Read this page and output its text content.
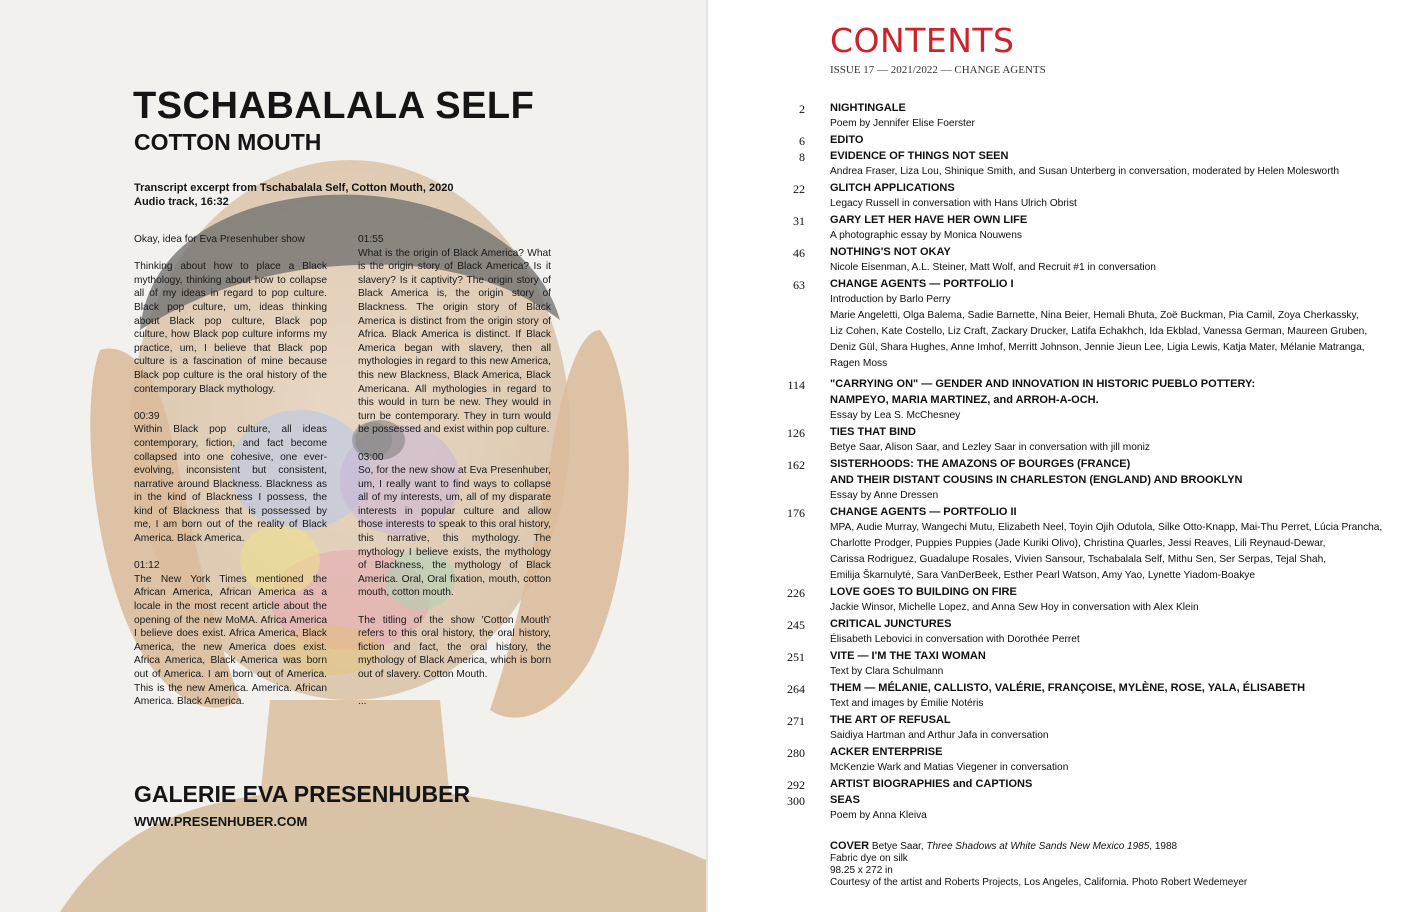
TSCHABALALA SELF
COTTON MOUTH
Transcript excerpt from Tschabalala Self, Cotton Mouth, 2020
Audio track, 16:32

Okay, idea for Eva Presenhuber show

Thinking about how to place a Black mythology, thinking about how to collapse all of my ideas in regard to pop culture. Black pop culture, um, ideas thinking about Black pop culture, Black pop culture, how Black pop culture informs my practice, um, I believe that Black pop culture is a fascination of mine because Black pop culture is the oral history of the contemporary Black mythology.

00:39
Within Black pop culture, all ideas contemporary, fiction, and fact become collapsed into one cohesive, one ever-evolving, inconsistent but consistent, narrative around Blackness. Blackness as in the kind of Blackness I possess, the kind of Blackness that is possessed by me, I am born out of the reality of Black America. Black America.

01:12
The New York Times mentioned the African America, African America as a locale in the most recent article about the opening of the new MoMA. Africa America I believe does exist. Africa America, Black America, the new America does exist. Africa America, Black America was born out of America. I am born out of America. This is the new America. America. African America. Black America.

01:55
What is the origin of Black America? What is the origin story of Black America? Is it slavery? Is it captivity? The origin story of Black America is, the origin story of Blackness. The origin story of Black America is distinct from the origin story of Africa. Black America is distinct. If Black America began with slavery, then all mythologies in regard to this new America, this new Blackness, Black America, Black Americana. All mythologies in regard to this would in turn be new. They would in turn be contemporary. They in turn would be possessed and exist within pop culture.

03:00
So, for the new show at Eva Presenhuber, um, I really want to find ways to collapse all of my interests, um, all of my disparate interests in popular culture and allow those interests to speak to this oral history, this narrative, this mythology. The mythology I believe exists, the mythology of Blackness, the mythology of Black America. Oral, Oral fixation, mouth, cotton mouth, cotton mouth.

The titling of the show 'Cotton Mouth' refers to this oral history, the oral history, fiction and fact, the oral history, the mythology of Black America, which is born out of slavery. Cotton Mouth.

...

GALERIE EVA PRESENHUBER
WWW.PRESENHUBER.COM
CONTENTS
ISSUE 17 — 2021/2022 — CHANGE AGENTS
2 NIGHTINGALE
Poem by Jennifer Elise Foerster
6 EDITO
8 EVIDENCE OF THINGS NOT SEEN
Andrea Fraser, Liza Lou, Shinique Smith, and Susan Unterberg in conversation, moderated by Helen Molesworth
22 GLITCH APPLICATIONS
Legacy Russell in conversation with Hans Ulrich Obrist
31 GARY LET HER HAVE HER OWN LIFE
A photographic essay by Monica Nouwens
46 NOTHING'S NOT OKAY
Nicole Eisenman, A.L. Steiner, Matt Wolf, and Recruit #1 in conversation
63 CHANGE AGENTS — PORTFOLIO I
Introduction by Barlo Perry
Marie Angeletti, Olga Balema, Sadie Barnette, Nina Beier, Hemali Bhuta, Zoë Buckman, Pia Camil, Zoya Cherkassky,
Liz Cohen, Kate Costello, Liz Craft, Zackary Drucker, Latifa Echakhch, Ida Ekblad, Vanessa German, Maureen Gruben,
Deniz Gül, Shara Hughes, Anne Imhof, Merritt Johnson, Jennie Jieun Lee, Ligia Lewis, Katja Mater, Mélanie Matranga,
Ragen Moss
114 "CARRYING ON" — GENDER AND INNOVATION IN HISTORIC PUEBLO POTTERY:
NAMPEYO, MARIA MARTINEZ, and ARROH-A-OCH.
Essay by Lea S. McChesney
126 TIES THAT BIND
Betye Saar, Alison Saar, and Lezley Saar in conversation with jill moniz
162 SISTERHOODS: THE AMAZONS OF BOURGES (FRANCE)
AND THEIR DISTANT COUSINS IN CHARLESTON (ENGLAND) AND BROOKLYN
Essay by Anne Dressen
176 CHANGE AGENTS — PORTFOLIO II
MPA, Audie Murray, Wangechi Mutu, Elizabeth Neel, Toyin Ojih Odutola, Silke Otto-Knapp, Mai-Thu Perret, Lúcia Prancha,
Charlotte Prodger, Puppies Puppies (Jade Kuriki Olivo), Christina Quarles, Jessi Reaves, Lili Reynaud-Dewar,
Carissa Rodriguez, Guadalupe Rosales, Vivien Sansour, Tschabalala Self, Mithu Sen, Ser Serpas, Tejal Shah,
Emilija Škarnulytė, Sara VanDerBeek, Esther Pearl Watson, Amy Yao, Lynette Yiadom-Boakye
226 LOVE GOES TO BUILDING ON FIRE
Jackie Winsor, Michelle Lopez, and Anna Sew Hoy in conversation with Alex Klein
245 CRITICAL JUNCTURES
Élisabeth Lebovici in conversation with Dorothée Perret
251 VITE — I'M THE TAXI WOMAN
Text by Clara Schulmann
264 THEM — MÉLANIE, CALLISTO, VALÉRIE, FRANÇOISE, MYLÈNE, ROSE, YALA, ÉLISABETH
Text and images by Émilie Notéris
271 THE ART OF REFUSAL
Saidiya Hartman and Arthur Jafa in conversation
280 ACKER ENTERPRISE
McKenzie Wark and Matias Viegener in conversation
292 ARTIST BIOGRAPHIES and CAPTIONS
300 SEAS
Poem by Anna Kleiva
COVER Betye Saar, Three Shadows at White Sands New Mexico 1985, 1988
Fabric dye on silk
98.25 x 272 in
Courtesy of the artist and Roberts Projects, Los Angeles, California. Photo Robert Wedemeyer
